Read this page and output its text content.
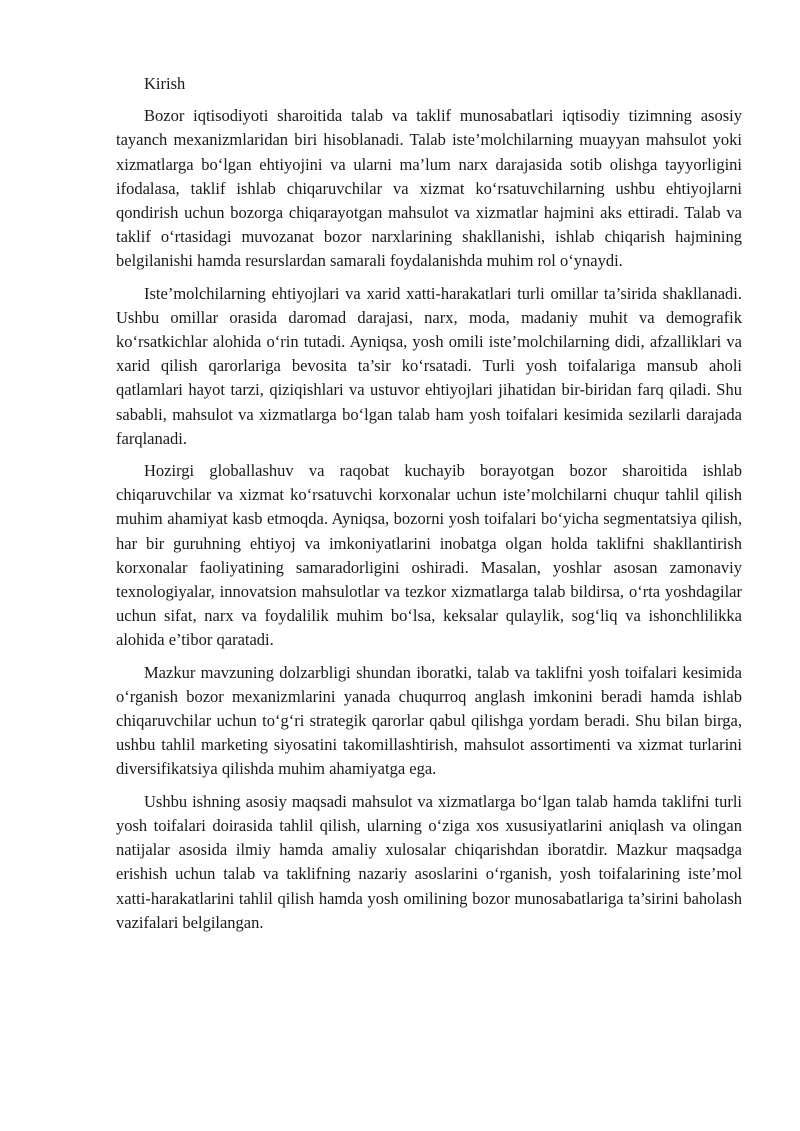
Kirish

Bozor iqtisodiyoti sharoitida talab va taklif munosabatlari iqtisodiy tizimning asosiy tayanch mexanizmlaridan biri hisoblanadi. Talab iste’molchilarning muayyan mahsulot yoki xizmatlarga bo‘lgan ehtiyojini va ularni ma’lum narx darajasida sotib olishga tayyorligini ifodalasa, taklif ishlab chiqaruvchilar va xizmat ko‘rsatuvchilarning ushbu ehtiyojlarni qondirish uchun bozorga chiqarayotgan mahsulot va xizmatlar hajmini aks ettiradi. Talab va taklif o‘rtasidagi muvozanat bozor narxlarining shakllanishi, ishlab chiqarish hajmining belgilanishi hamda resurslardan samarali foydalanishda muhim rol o‘ynaydi.

Iste’molchilarning ehtiyojlari va xarid xatti-harakatlari turli omillar ta’sirida shakllanadi. Ushbu omillar orasida daromad darajasi, narx, moda, madaniy muhit va demografik ko‘rsatkichlar alohida o‘rin tutadi. Ayniqsa, yosh omili iste’molchilarning didi, afzalliklari va xarid qilish qarorlariga bevosita ta’sir ko‘rsatadi. Turli yosh toifalariga mansub aholi qatlamlari hayot tarzi, qiziqishlari va ustuvor ehtiyojlari jihatidan bir-biridan farq qiladi. Shu sababli, mahsulot va xizmatlarga bo‘lgan talab ham yosh toifalari kesimida sezilarli darajada farqlanadi.

Hozirgi globallashuv va raqobat kuchayib borayotgan bozor sharoitida ishlab chiqaruvchilar va xizmat ko‘rsatuvchi korxonalar uchun iste’molchilarni chuqur tahlil qilish muhim ahamiyat kasb etmoqda. Ayniqsa, bozorni yosh toifalari bo‘yicha segmentatsiya qilish, har bir guruhning ehtiyoj va imkoniyatlarini inobatga olgan holda taklifni shakllantirish korxonalar faoliyatining samaradorligini oshiradi. Masalan, yoshlar asosan zamonaviy texnologiyalar, innovatsion mahsulotlar va tezkor xizmatlarga talab bildirsa, o‘rta yoshdagilar uchun sifat, narx va foydalilik muhim bo‘lsa, keksalar qulaylik, sog‘liq va ishonchlilikka alohida e’tibor qaratadi.

Mazkur mavzuning dolzarbligi shundan iboratki, talab va taklifni yosh toifalari kesimida o‘rganish bozor mexanizmlarini yanada chuqurroq anglash imkonini beradi hamda ishlab chiqaruvchilar uchun to‘g‘ri strategik qarorlar qabul qilishga yordam beradi. Shu bilan birga, ushbu tahlil marketing siyosatini takomillashtirish, mahsulot assortimenti va xizmat turlarini diversifikatsiya qilishda muhim ahamiyatga ega.

Ushbu ishning asosiy maqsadi mahsulot va xizmatlarga bo‘lgan talab hamda taklifni turli yosh toifalari doirasida tahlil qilish, ularning o‘ziga xos xususiyatlarini aniqlash va olingan natijalar asosida ilmiy hamda amaliy xulosalar chiqarishdan iboratdir. Mazkur maqsadga erishish uchun talab va taklifning nazariy asoslarini o‘rganish, yosh toifalarining iste’mol xatti-harakatlarini tahlil qilish hamda yosh omilining bozor munosabatlariga ta’sirini baholash vazifalari belgilangan.
